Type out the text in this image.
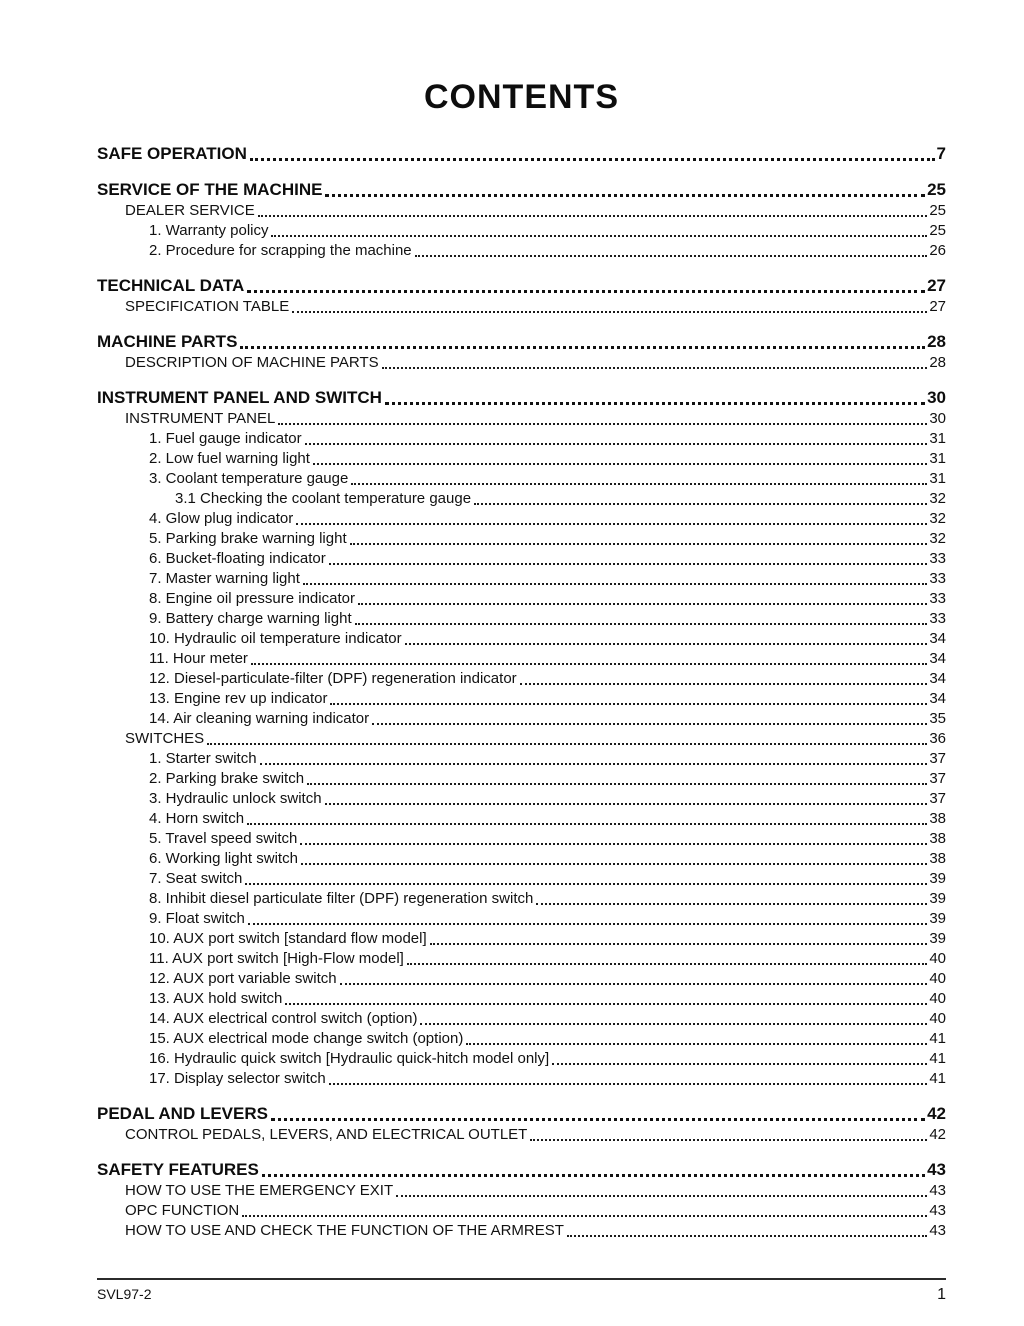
CONTENTS
SAFE OPERATION	7
SERVICE OF THE MACHINE	25
DEALER SERVICE	25
1. Warranty policy	25
2. Procedure for scrapping the machine	26
TECHNICAL DATA	27
SPECIFICATION TABLE	27
MACHINE PARTS	28
DESCRIPTION OF MACHINE PARTS	28
INSTRUMENT PANEL AND SWITCH	30
INSTRUMENT PANEL	30
1. Fuel gauge indicator	31
2. Low fuel warning light	31
3. Coolant temperature gauge	31
3.1 Checking the coolant temperature gauge	32
4. Glow plug indicator	32
5. Parking brake warning light	32
6. Bucket-floating indicator	33
7. Master warning light	33
8. Engine oil pressure indicator	33
9. Battery charge warning light	33
10. Hydraulic oil temperature indicator	34
11. Hour meter	34
12. Diesel-particulate-filter (DPF) regeneration indicator	34
13. Engine rev up indicator	34
14. Air cleaning warning indicator	35
SWITCHES	36
1. Starter switch	37
2. Parking brake switch	37
3. Hydraulic unlock switch	37
4. Horn switch	38
5. Travel speed switch	38
6. Working light switch	38
7. Seat switch	39
8. Inhibit diesel particulate filter (DPF) regeneration switch	39
9. Float switch	39
10. AUX port switch [standard flow model]	39
11. AUX port switch [High-Flow model]	40
12. AUX port variable switch	40
13. AUX hold switch	40
14. AUX electrical control switch (option)	40
15. AUX electrical mode change switch (option)	41
16. Hydraulic quick switch [Hydraulic quick-hitch model only]	41
17. Display selector switch	41
PEDAL AND LEVERS	42
CONTROL PEDALS, LEVERS, AND ELECTRICAL OUTLET	42
SAFETY FEATURES	43
HOW TO USE THE EMERGENCY EXIT	43
OPC FUNCTION	43
HOW TO USE AND CHECK THE FUNCTION OF THE ARMREST	43
SVL97-2	1
